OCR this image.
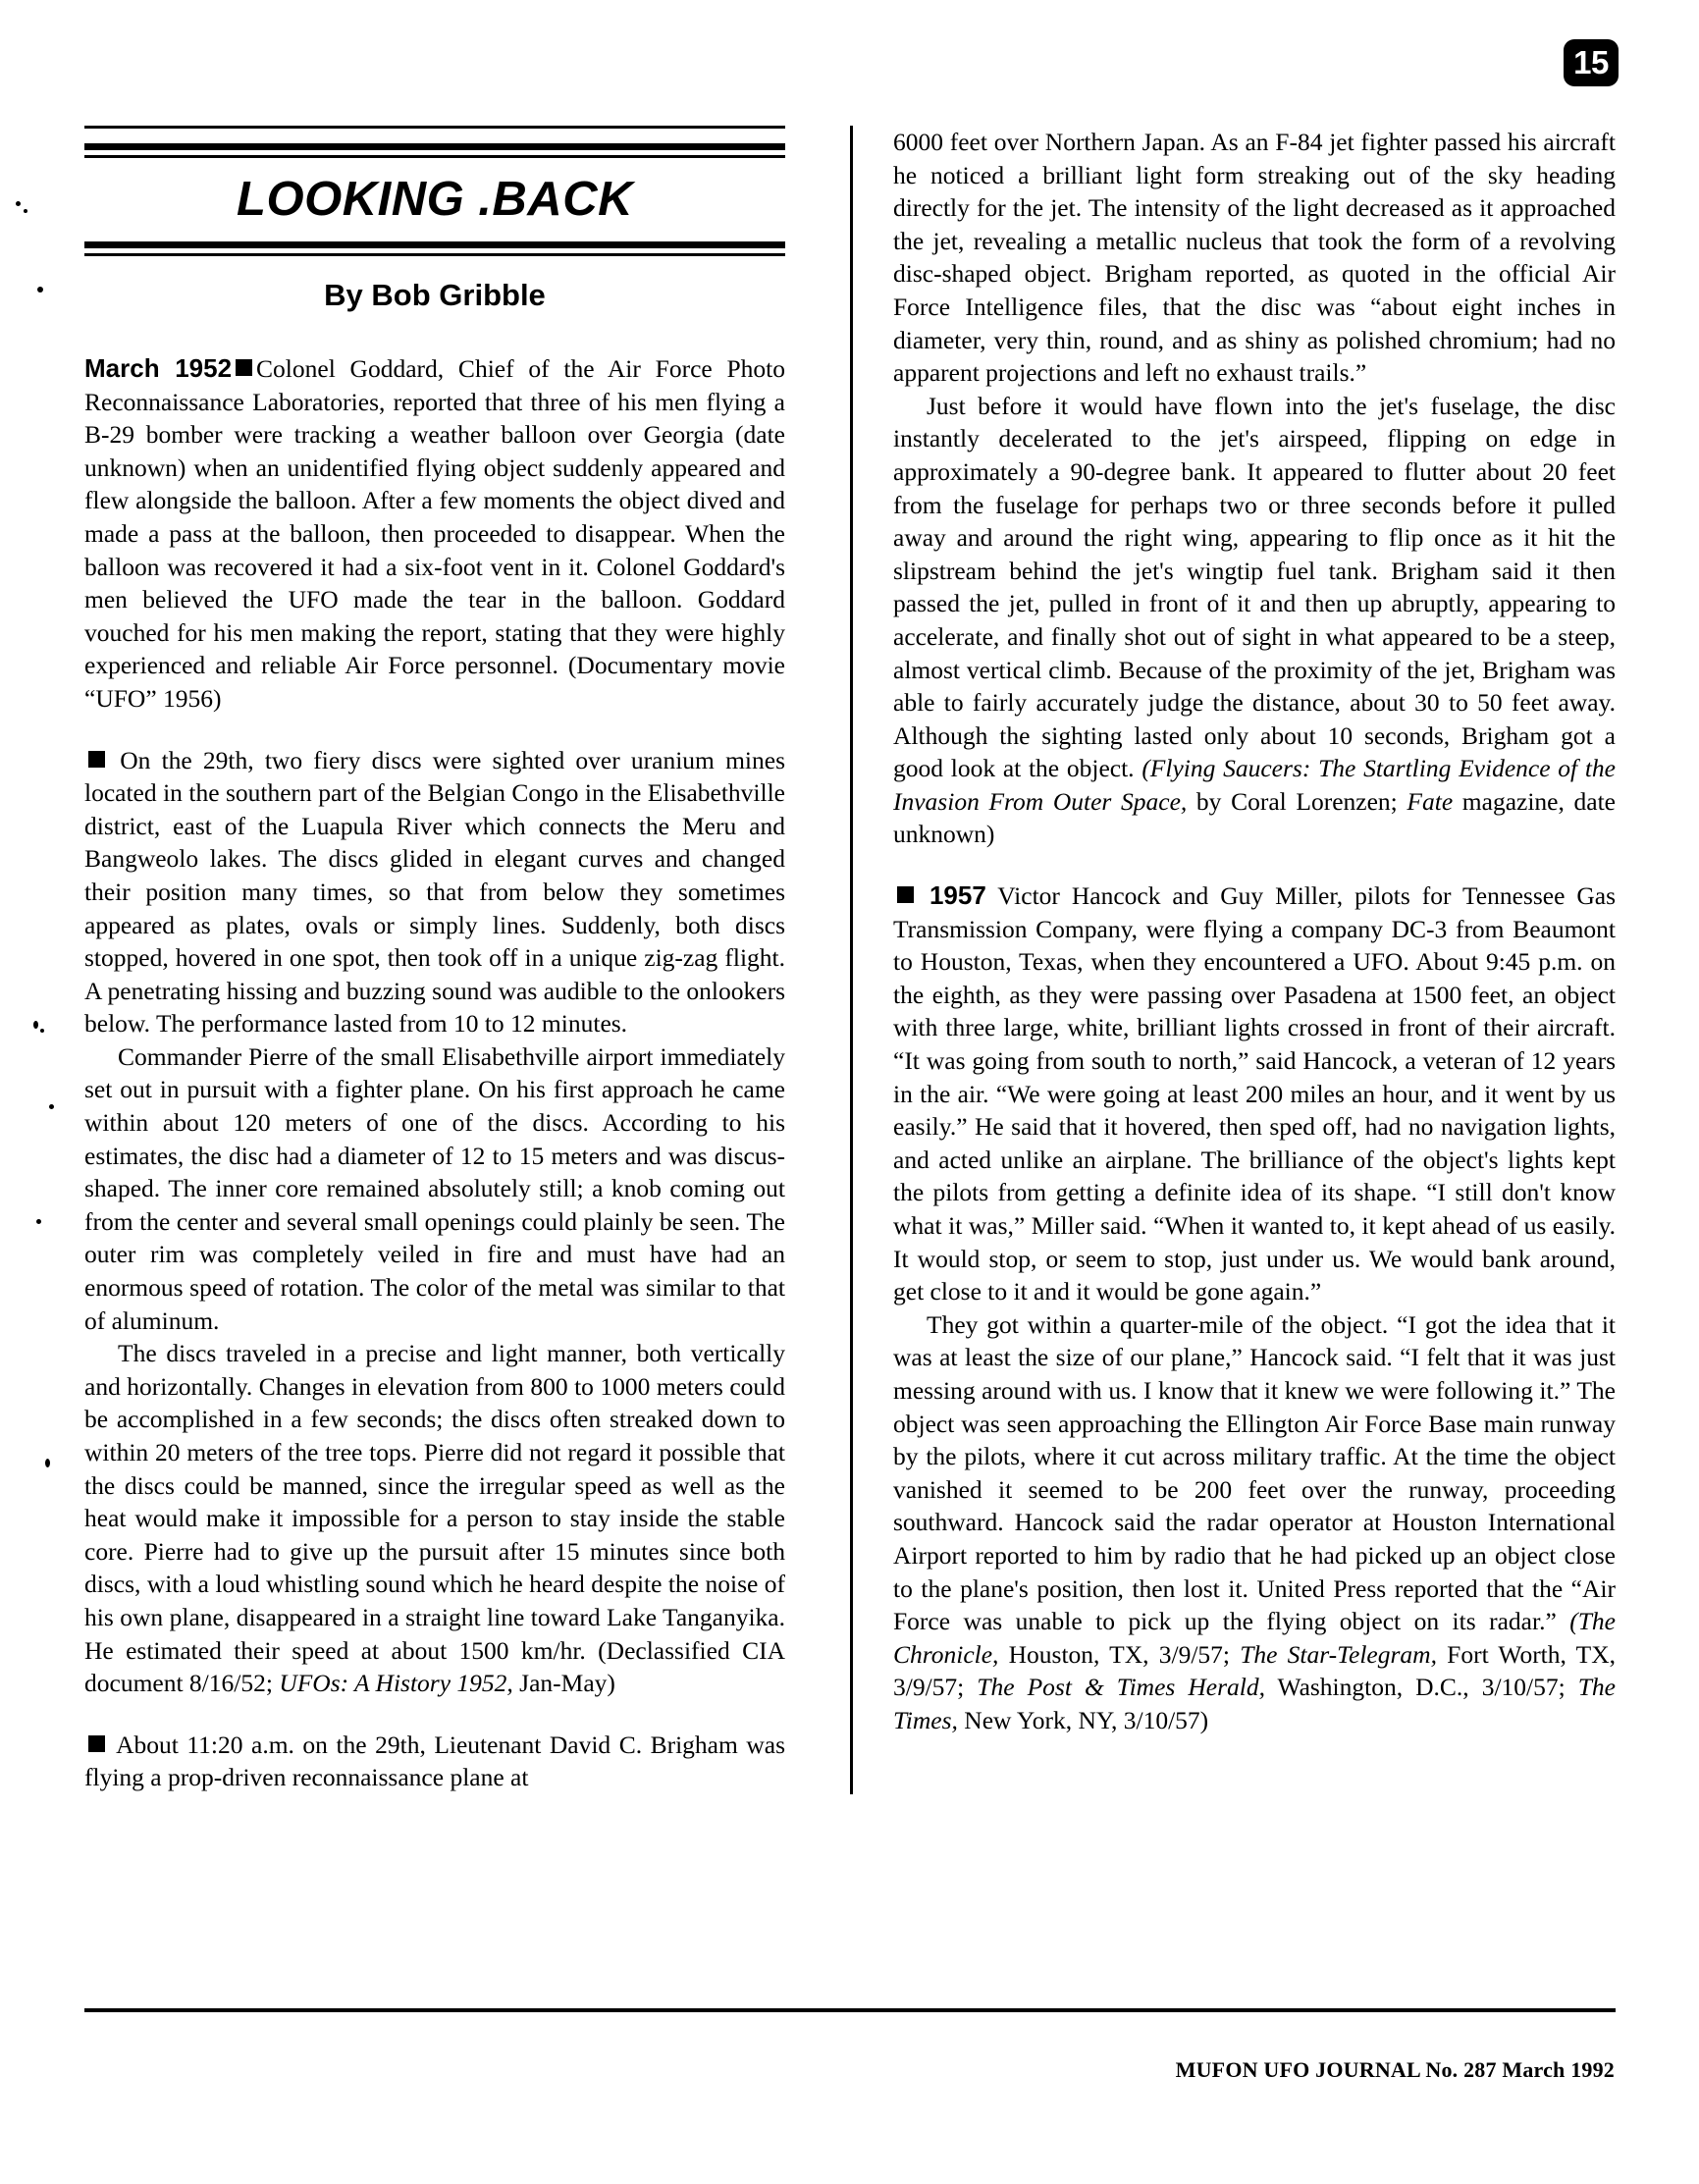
15
LOOKING .BACK
By Bob Gribble

March 1952 Colonel Goddard, Chief of the Air Force Photo Reconnaissance Laboratories, reported that three of his men flying a B-29 bomber were tracking a weather balloon over Georgia (date unknown) when an unidentified flying object suddenly appeared and flew alongside the balloon. After a few moments the object dived and made a pass at the balloon, then proceeded to disappear. When the balloon was recovered it had a six-foot vent in it. Colonel Goddard's men believed the UFO made the tear in the balloon. Goddard vouched for his men making the report, stating that they were highly experienced and reliable Air Force personnel. (Documentary movie “UFO” 1956)

On the 29th, two fiery discs were sighted over uranium mines located in the southern part of the Belgian Congo in the Elisabethville district, east of the Luapula River which connects the Meru and Bangweolo lakes. The discs glided in elegant curves and changed their position many times, so that from below they sometimes appeared as plates, ovals or simply lines. Suddenly, both discs stopped, hovered in one spot, then took off in a unique zig-zag flight. A penetrating hissing and buzzing sound was audible to the onlookers below. The performance lasted from 10 to 12 minutes.

Commander Pierre of the small Elisabethville airport immediately set out in pursuit with a fighter plane. On his first approach he came within about 120 meters of one of the discs. According to his estimates, the disc had a diameter of 12 to 15 meters and was discus-shaped. The inner core remained absolutely still; a knob coming out from the center and several small openings could plainly be seen. The outer rim was completely veiled in fire and must have had an enormous speed of rotation. The color of the metal was similar to that of aluminum.

The discs traveled in a precise and light manner, both vertically and horizontally. Changes in elevation from 800 to 1000 meters could be accomplished in a few seconds; the discs often streaked down to within 20 meters of the tree tops. Pierre did not regard it possible that the discs could be manned, since the irregular speed as well as the heat would make it impossible for a person to stay inside the stable core. Pierre had to give up the pursuit after 15 minutes since both discs, with a loud whistling sound which he heard despite the noise of his own plane, disappeared in a straight line toward Lake Tanganyika. He estimated their speed at about 1500 km/hr. (Declassified CIA document 8/16/52; UFOs: A History 1952, Jan-May)

About 11:20 a.m. on the 29th, Lieutenant David C. Brigham was flying a prop-driven reconnaissance plane at

6000 feet over Northern Japan. As an F-84 jet fighter passed his aircraft he noticed a brilliant light form streaking out of the sky heading directly for the jet. The intensity of the light decreased as it approached the jet, revealing a metallic nucleus that took the form of a revolving disc-shaped object. Brigham reported, as quoted in the official Air Force Intelligence files, that the disc was “about eight inches in diameter, very thin, round, and as shiny as polished chromium; had no apparent projections and left no exhaust trails.”

Just before it would have flown into the jet's fuselage, the disc instantly decelerated to the jet's airspeed, flipping on edge in approximately a 90-degree bank. It appeared to flutter about 20 feet from the fuselage for perhaps two or three seconds before it pulled away and around the right wing, appearing to flip once as it hit the slipstream behind the jet's wingtip fuel tank. Brigham said it then passed the jet, pulled in front of it and then up abruptly, appearing to accelerate, and finally shot out of sight in what appeared to be a steep, almost vertical climb. Because of the proximity of the jet, Brigham was able to fairly accurately judge the distance, about 30 to 50 feet away. Although the sighting lasted only about 10 seconds, Brigham got a good look at the object. (Flying Saucers: The Startling Evidence of the Invasion From Outer Space, by Coral Lorenzen; Fate magazine, date unknown)

1957 Victor Hancock and Guy Miller, pilots for Tennessee Gas Transmission Company, were flying a company DC-3 from Beaumont to Houston, Texas, when they encountered a UFO. About 9:45 p.m. on the eighth, as they were passing over Pasadena at 1500 feet, an object with three large, white, brilliant lights crossed in front of their aircraft. “It was going from south to north,” said Hancock, a veteran of 12 years in the air. “We were going at least 200 miles an hour, and it went by us easily.” He said that it hovered, then sped off, had no navigation lights, and acted unlike an airplane. The brilliance of the object's lights kept the pilots from getting a definite idea of its shape. “I still don't know what it was,” Miller said. “When it wanted to, it kept ahead of us easily. It would stop, or seem to stop, just under us. We would bank around, get close to it and it would be gone again.”

They got within a quarter-mile of the object. “I got the idea that it was at least the size of our plane,” Hancock said. “I felt that it was just messing around with us. I know that it knew we were following it.” The object was seen approaching the Ellington Air Force Base main runway by the pilots, where it cut across military traffic. At the time the object vanished it seemed to be 200 feet over the runway, proceeding southward. Hancock said the radar operator at Houston International Airport reported to him by radio that he had picked up an object close to the plane's position, then lost it. United Press reported that the “Air Force was unable to pick up the flying object on its radar.” (The Chronicle, Houston, TX, 3/9/57; The Star-Telegram, Fort Worth, TX, 3/9/57; The Post & Times Herald, Washington, D.C., 3/10/57; The Times, New York, NY, 3/10/57)

MUFON UFO JOURNAL No. 287 March 1992
